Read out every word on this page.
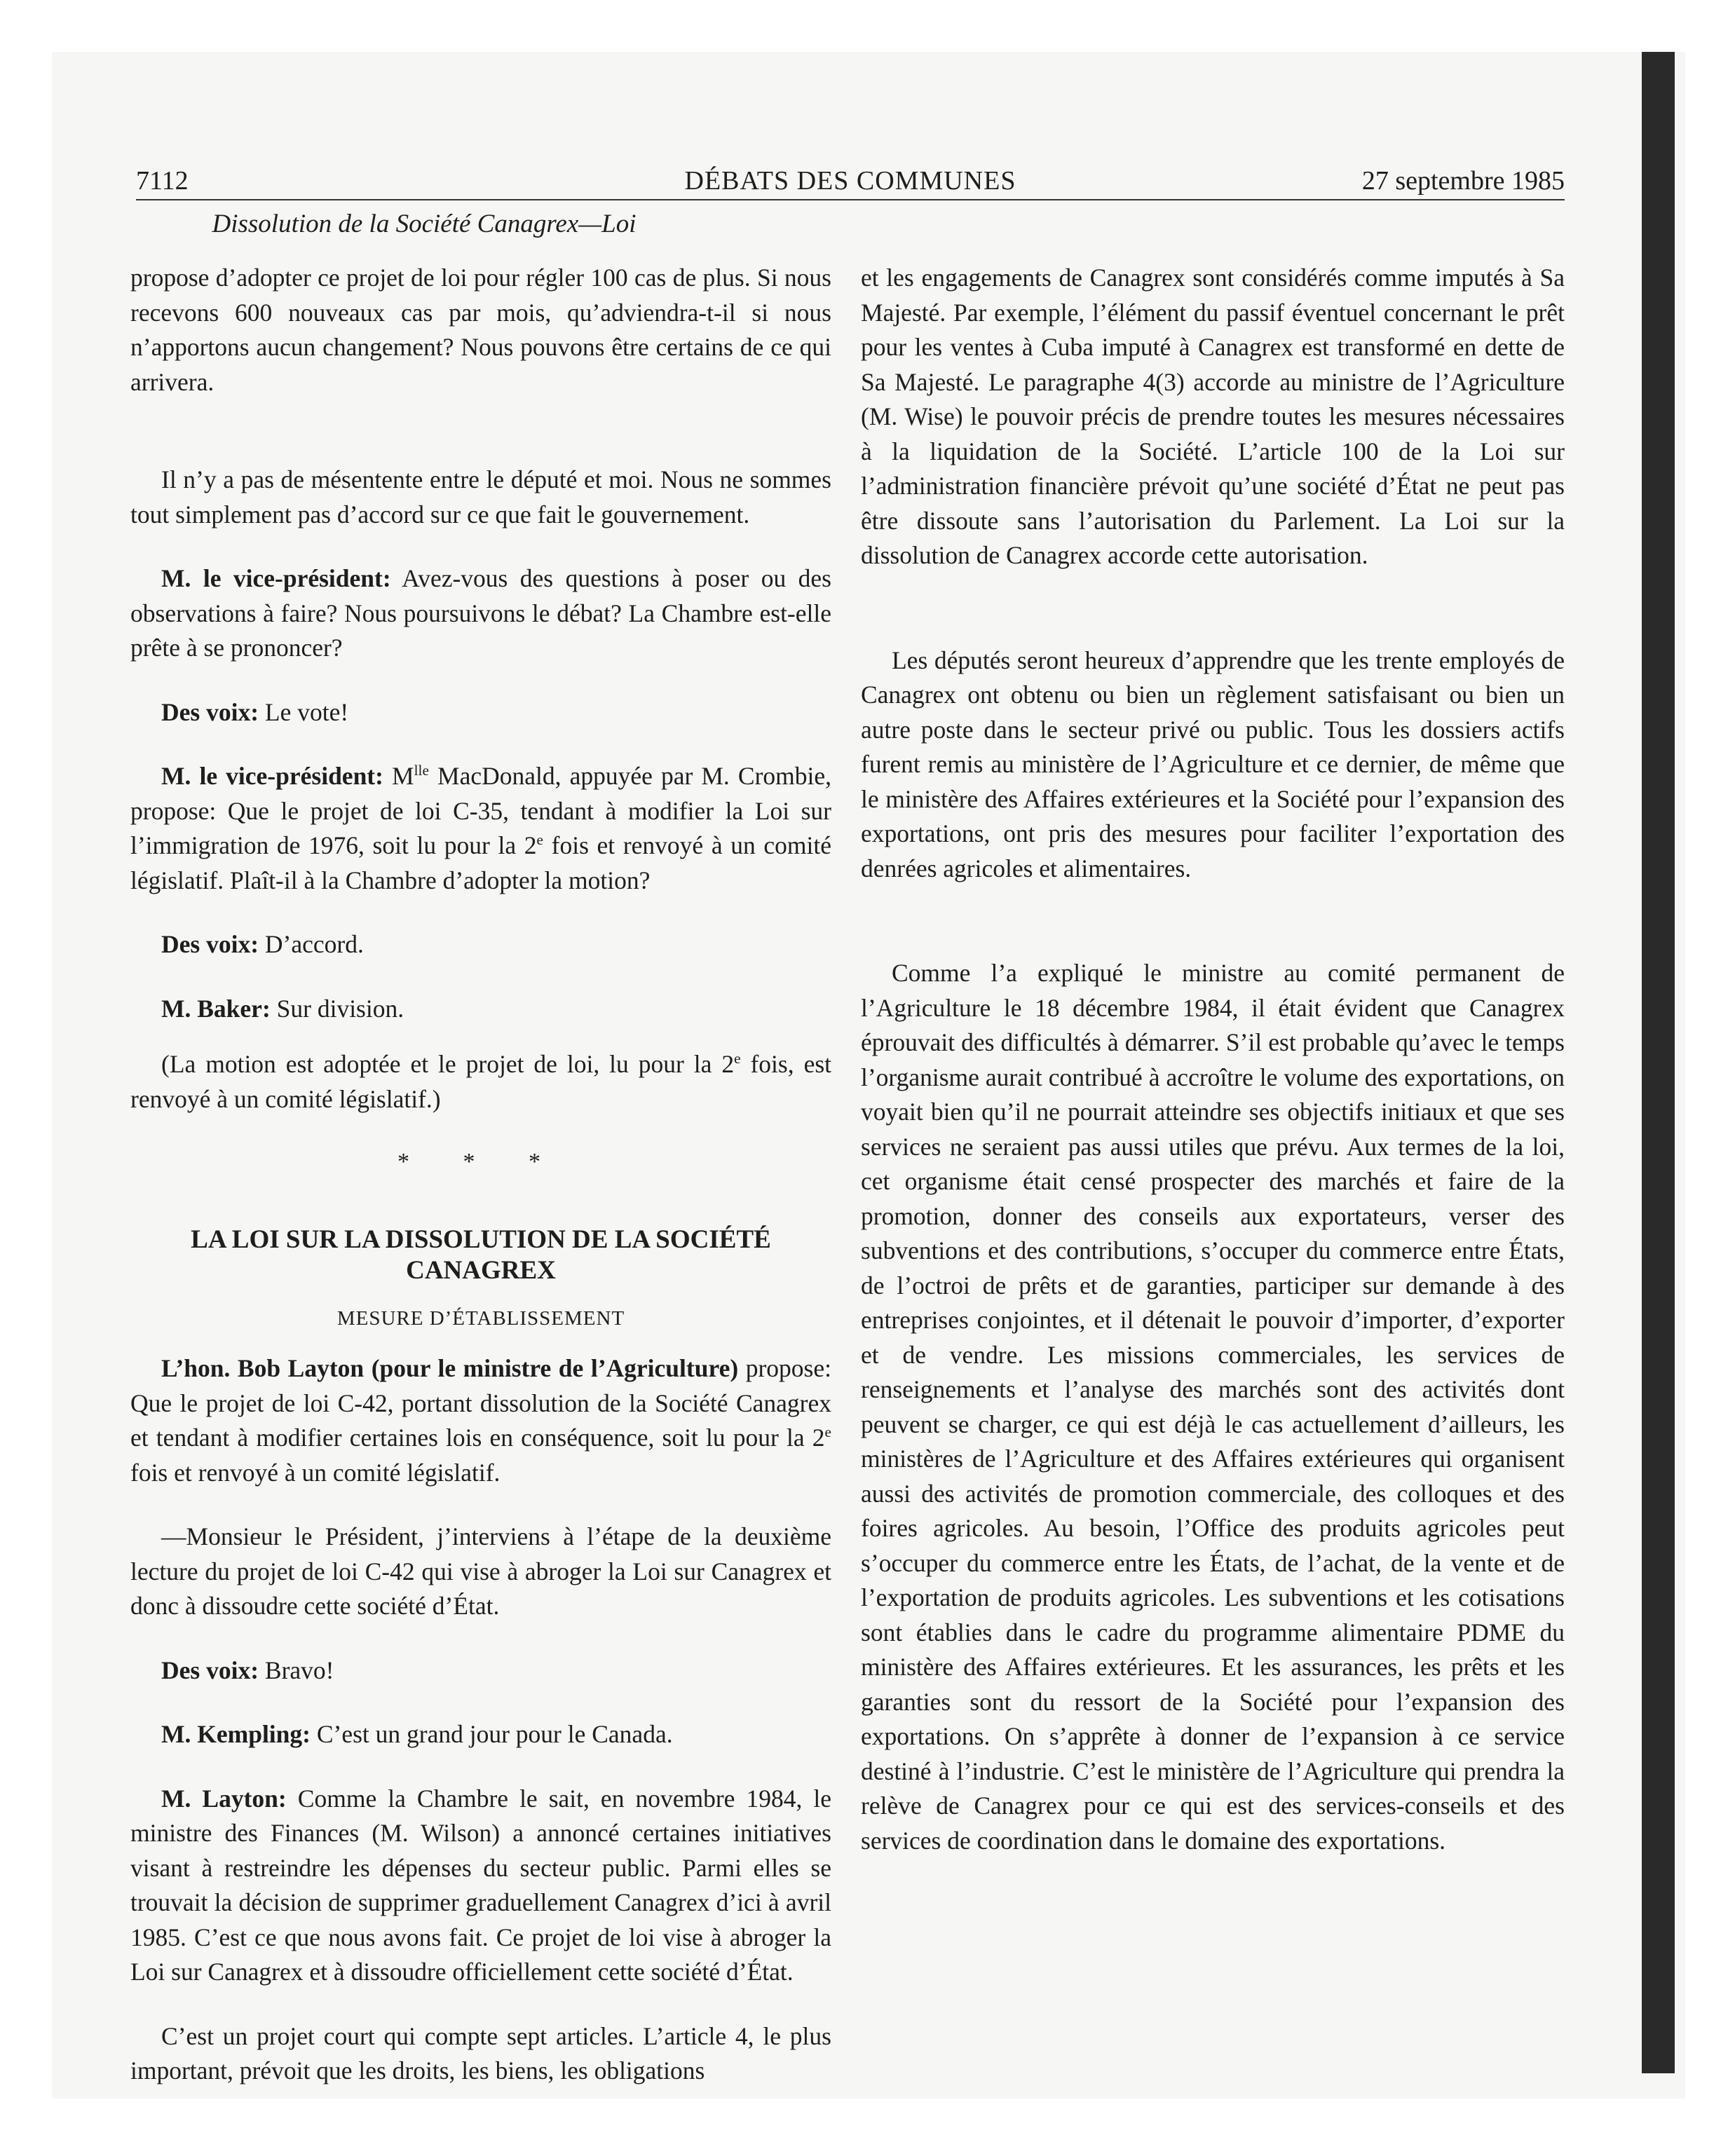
7112	DÉBATS DES COMMUNES	27 septembre 1985
Dissolution de la Société Canagrex—Loi

propose d’adopter ce projet de loi pour régler 100 cas de plus. Si nous recevons 600 nouveaux cas par mois, qu’adviendra-t-il si nous n’apportons aucun changement? Nous pouvons être certains de ce qui arrivera.

Il n’y a pas de mésentente entre le député et moi. Nous ne sommes tout simplement pas d’accord sur ce que fait le gouvernement.

M. le vice-président: Avez-vous des questions à poser ou des observations à faire? Nous poursuivons le débat? La Chambre est-elle prête à se prononcer?

Des voix: Le vote!

M. le vice-président: $M^{lle}$ MacDonald, appuyée par M. Crombie, propose: Que le projet de loi C-35, tendant à modifier la Loi sur l’immigration de 1976, soit lu pour la 2e fois et renvoyé à un comité législatif. Plaît-il à la Chambre d’adopter la motion?

Des voix: D’accord.

M. Baker: Sur division.

(La motion est adoptée et le projet de loi, lu pour la 2e fois, est renvoyé à un comité législatif.)

* * *

LA LOI SUR LA DISSOLUTION DE LA SOCIÉTÉ
CANAGREX

MESURE D’ÉTABLISSEMENT

L’hon. Bob Layton (pour le ministre de l’Agriculture) propose: Que le projet de loi C-42, portant dissolution de la Société Canagrex et tendant à modifier certaines lois en conséquence, soit lu pour la 2e fois et renvoyé à un comité législatif.

—Monsieur le Président, j’interviens à l’étape de la deuxième lecture du projet de loi C-42 qui vise à abroger la Loi sur Canagrex et donc à dissoudre cette société d’État.

Des voix: Bravo!

M. Kempling: C’est un grand jour pour le Canada.

M. Layton: Comme la Chambre le sait, en novembre 1984, le ministre des Finances (M. Wilson) a annoncé certaines initiatives visant à restreindre les dépenses du secteur public. Parmi elles se trouvait la décision de supprimer graduellement Canagrex d’ici à avril 1985. C’est ce que nous avons fait. Ce projet de loi vise à abroger la Loi sur Canagrex et à dissoudre officiellement cette société d’État.

C’est un projet court qui compte sept articles. L’article 4, le plus important, prévoit que les droits, les biens, les obligations

et les engagements de Canagrex sont considérés comme imputés à Sa Majesté. Par exemple, l’élément du passif éventuel concernant le prêt pour les ventes à Cuba imputé à Canagrex est transformé en dette de Sa Majesté. Le paragraphe 4(3) accorde au ministre de l’Agriculture (M. Wise) le pouvoir précis de prendre toutes les mesures nécessaires à la liquidation de la Société. L’article 100 de la Loi sur l’administration financière prévoit qu’une société d’État ne peut pas être dissoute sans l’autorisation du Parlement. La Loi sur la dissolution de Canagrex accorde cette autorisation.

Les députés seront heureux d’apprendre que les trente employés de Canagrex ont obtenu ou bien un règlement satisfaisant ou bien un autre poste dans le secteur privé ou public. Tous les dossiers actifs furent remis au ministère de l’Agriculture et ce dernier, de même que le ministère des Affaires extérieures et la Société pour l’expansion des exportations, ont pris des mesures pour faciliter l’exportation des denrées agricoles et alimentaires.

Comme l’a expliqué le ministre au comité permanent de l’Agriculture le 18 décembre 1984, il était évident que Canagrex éprouvait des difficultés à démarrer. S’il est probable qu’avec le temps l’organisme aurait contribué à accroître le volume des exportations, on voyait bien qu’il ne pourrait atteindre ses objectifs initiaux et que ses services ne seraient pas aussi utiles que prévu. Aux termes de la loi, cet organisme était censé prospecter des marchés et faire de la promotion, donner des conseils aux exportateurs, verser des subventions et des contributions, s’occuper du commerce entre États, de l’octroi de prêts et de garanties, participer sur demande à des entreprises conjointes, et il détenait le pouvoir d’importer, d’exporter et de vendre. Les missions commerciales, les services de renseignements et l’analyse des marchés sont des activités dont peuvent se charger, ce qui est déjà le cas actuellement d’ailleurs, les ministères de l’Agriculture et des Affaires extérieures qui organisent aussi des activités de promotion commerciale, des colloques et des foires agricoles. Au besoin, l’Office des produits agricoles peut s’occuper du commerce entre les États, de l’achat, de la vente et de l’exportation de produits agricoles. Les subventions et les cotisations sont établies dans le cadre du programme alimentaire PDME du ministère des Affaires extérieures. Et les assurances, les prêts et les garanties sont du ressort de la Société pour l’expansion des exportations. On s’apprête à donner de l’expansion à ce service destiné à l’industrie. C’est le ministère de l’Agriculture qui prendra la relève de Canagrex pour ce qui est des services-conseils et des services de coordination dans le domaine des exportations.
